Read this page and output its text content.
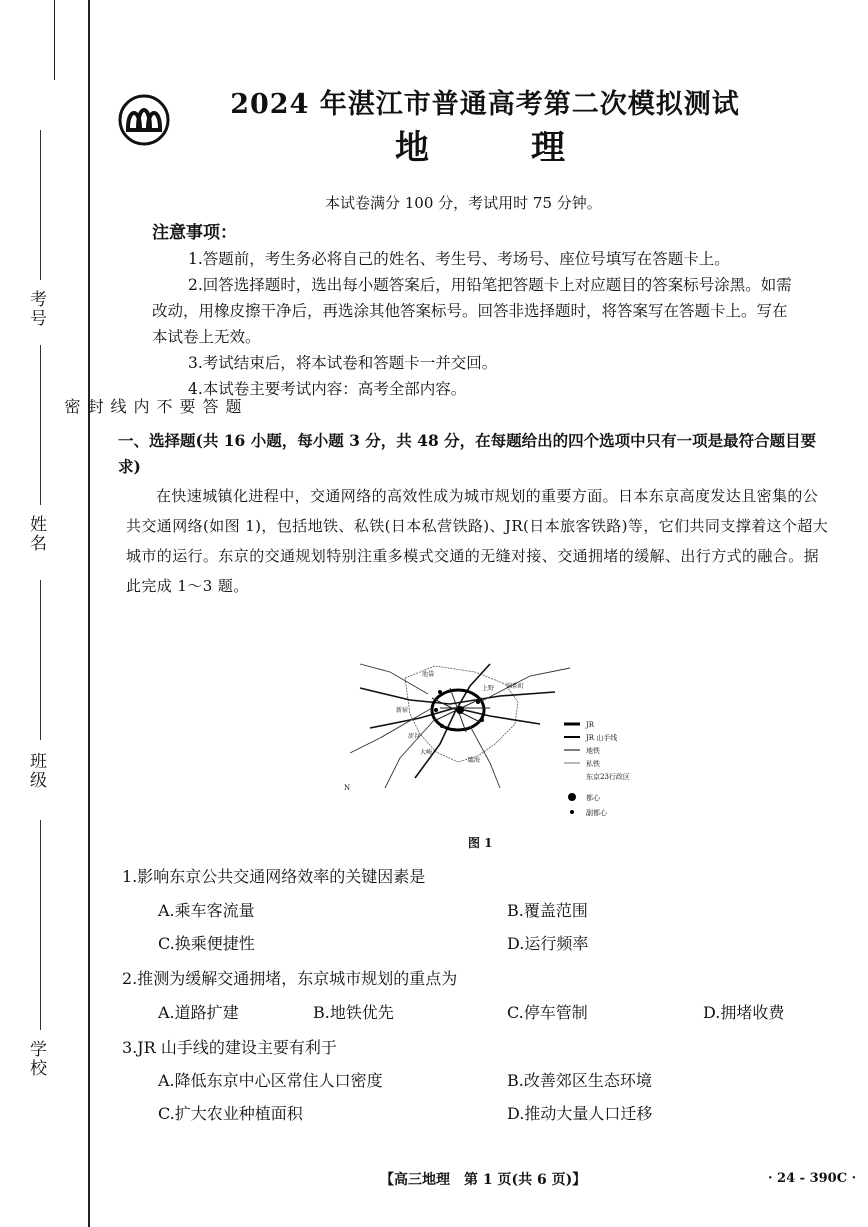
考号
姓名
班级
学校
题
答
要
不
内
线
封
密
2024 年湛江市普通高考第二次模拟测试
地	理
本试卷满分 100 分，考试用时 75 分钟。
注意事项：
1.答题前，考生务必将自己的姓名、考生号、考场号、座位号填写在答题卡上。
2.回答选择题时，选出每小题答案后，用铅笔把答题卡上对应题目的答案标号涂黑。如需改动，用橡皮擦干净后，再选涂其他答案标号。回答非选择题时，将答案写在答题卡上。写在本试卷上无效。
3.考试结束后，将本试卷和答题卡一并交回。
4.本试卷主要考试内容：高考全部内容。
一、选择题(共 16 小题，每小题 3 分，共 48 分，在每题给出的四个选项中只有一项是最符合题目要求)
在快速城镇化进程中，交通网络的高效性成为城市规划的重要方面。日本东京高度发达且密集的公共交通网络(如图 1)，包括地铁、私铁(日本私营铁路)、JR(日本旅客铁路)等，它们共同支撑着这个超大城市的运行。东京的交通规划特别注重多模式交通的无缝对接、交通拥堵的缓解、出行方式的融合。据此完成 1～3 题。
池袋
新宿
涩谷
大崎
上野 锦系町
臨海
N
JR
JR 山手线
地铁
私铁
东京23行政区
都心
副都心
图 1
1.影响东京公共交通网络效率的关键因素是
A.乘车客流量	B.覆盖范围
C.换乘便捷性	D.运行频率
2.推测为缓解交通拥堵，东京城市规划的重点为
A.道路扩建	B.地铁优先	C.停车管制	D.拥堵收费
3.JR 山手线的建设主要有利于
A.降低东京中心区常住人口密度	B.改善郊区生态环境
C.扩大农业种植面积	D.推动大量人口迁移
【高三地理　第 1 页(共 6 页)】	· 24 - 390C ·
